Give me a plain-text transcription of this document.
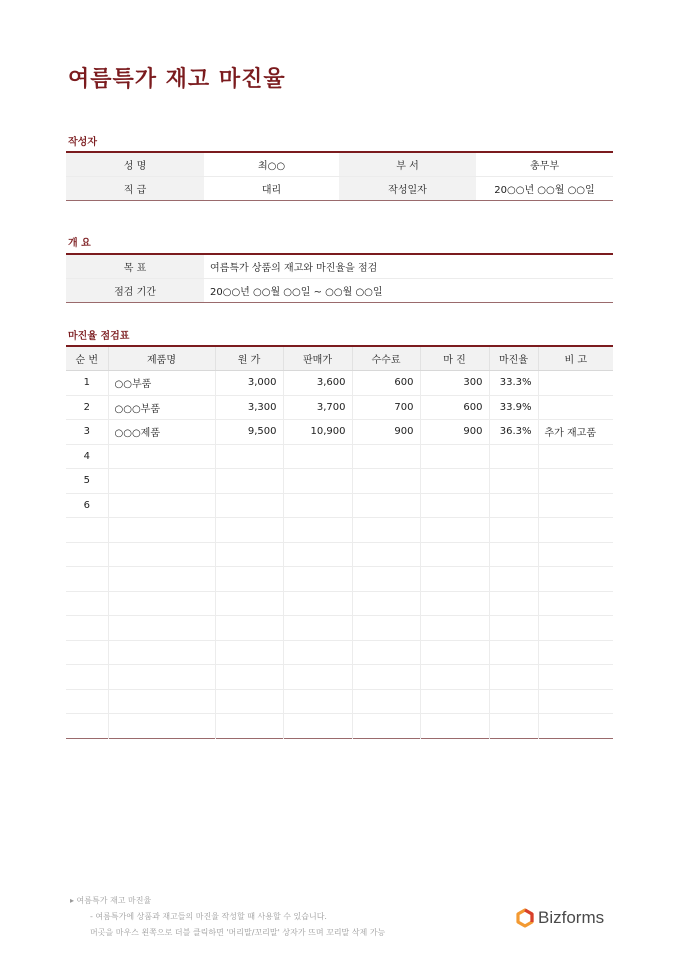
여름특가 재고 마진율
작성자
성 명	최○○	부 서	총무부
직 급	대리	작성일자	20○○년 ○○월 ○○일
개 요
목 표	여름특가 상품의 재고와 마진율을 점검
점검 기간	20○○년 ○○월 ○○일 ~ ○○월 ○○일
마진율 점검표
순 번	제품명	원 가	판매가	수수료	마 진	마진율	비 고
1	○○부품	3,000	3,600	600	300	33.3%	
2	○○○부품	3,300	3,700	700	600	33.9%	
3	○○○제품	9,500	10,900	900	900	36.3%	추가 재고품
4							
5							
6							

▸ 여름특가 재고 마진율
- 여름특가에 상품과 재고들의 마진율 작성할 때 사용할 수 있습니다.
머곳을 마우스 왼쪽으로 더블 클릭하면 '머리말/꼬리말' 상자가 뜨며 꼬리말 삭제 가능
Bizforms
